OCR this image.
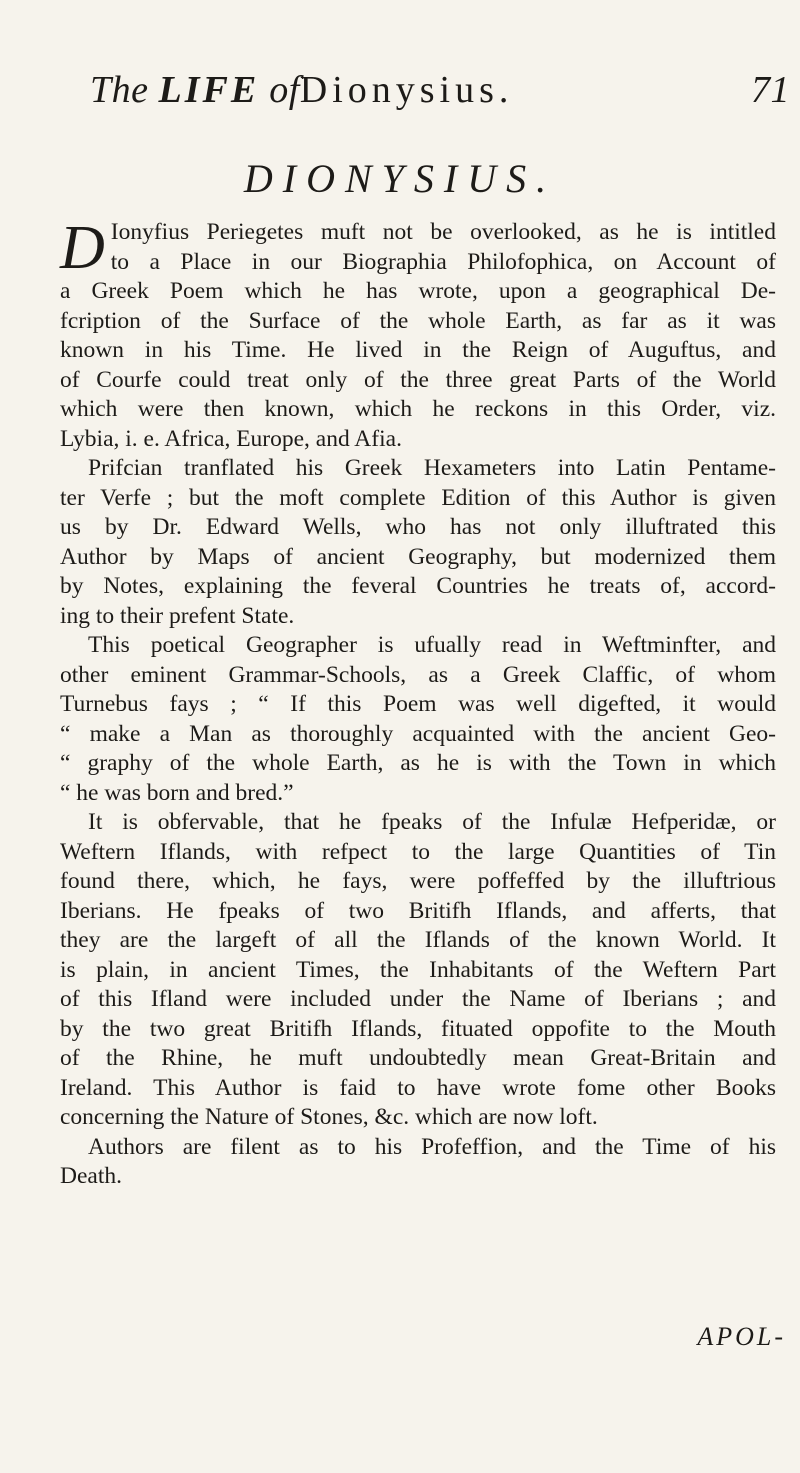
The LIFE ofDionysius.	71
DIONYSIUS.
D Ionyfius Periegetes muft not be overlooked, as he is intitled
to a Place in our Biographia Philofophica, on Account of
a Greek Poem which he has wrote, upon a geographical De-
fcription of the Surface of the whole Earth, as far as it was
known in his Time. He lived in the Reign of Auguftus, and
of Courfe could treat only of the three great Parts of the World
which were then known, which he reckons in this Order, viz.
Lybia, i. e. Africa, Europe, and Afia.
Prifcian tranflated his Greek Hexameters into Latin Pentame-
ter Verfe ; but the moft complete Edition of this Author is given
us by Dr. Edward Wells, who has not only illuftrated this
Author by Maps of ancient Geography, but modernized them
by Notes, explaining the feveral Countries he treats of, accord-
ing to their prefent State.
This poetical Geographer is ufually read in Weftminfter, and
other eminent Grammar-Schools, as a Greek Claffic, of whom
Turnebus fays ; “ If this Poem was well digefted, it would
“ make a Man as thoroughly acquainted with the ancient Geo-
“ graphy of the whole Earth, as he is with the Town in which
“ he was born and bred.”
It is obfervable, that he fpeaks of the Infulæ Hefperidæ, or
Weftern Iflands, with refpect to the large Quantities of Tin
found there, which, he fays, were poffeffed by the illuftrious
Iberians. He fpeaks of two Britifh Iflands, and afferts, that
they are the largeft of all the Iflands of the known World. It
is plain, in ancient Times, the Inhabitants of the Weftern Part
of this Ifland were included under the Name of Iberians ; and
by the two great Britifh Iflands, fituated oppofite to the Mouth
of the Rhine, he muft undoubtedly mean Great-Britain and
Ireland. This Author is faid to have wrote fome other Books
concerning the Nature of Stones, &c. which are now loft.
Authors are filent as to his Profeffion, and the Time of his
Death.
APOL-
